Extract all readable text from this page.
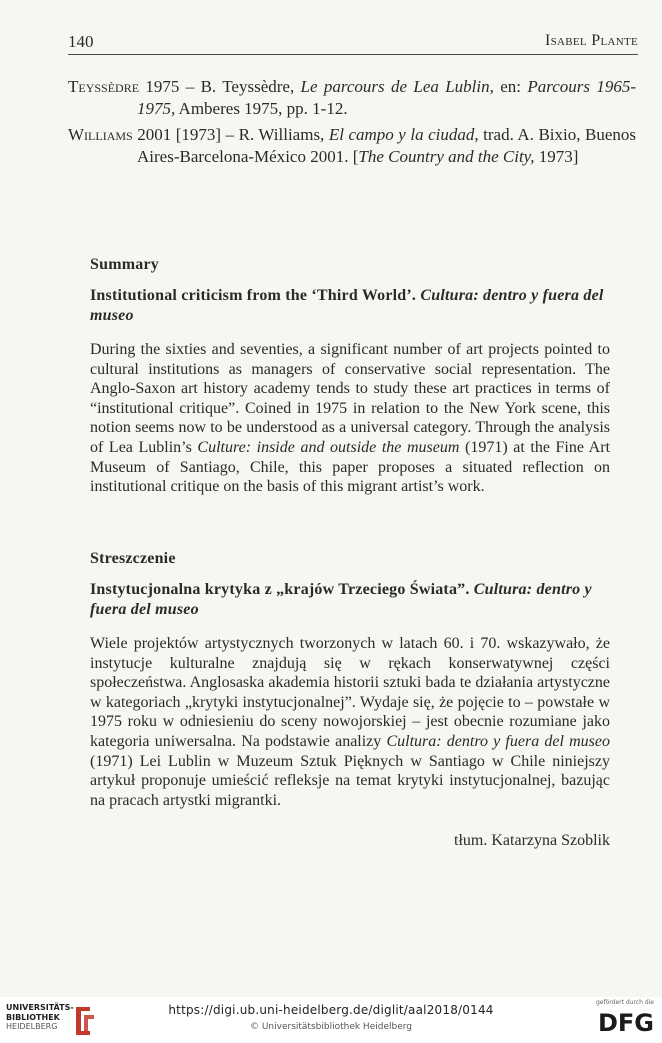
140	Isabel Plante

Teyssèdre 1975 – B. Teyssèdre, Le parcours de Lea Lublin, en: Parcours 1965-1975, Amberes 1975, pp. 1-12.

Williams 2001 [1973] – R. Williams, El campo y la ciudad, trad. A. Bixio, Buenos Aires-Barcelona-México 2001. [The Country and the City, 1973]

Summary
Institutional criticism from the ‘Third World’. Cultura: dentro y fuera del museo

During the sixties and seventies, a significant number of art projects pointed to cultural institutions as managers of conservative social representation. The Anglo-Saxon art history academy tends to study these art practices in terms of “institutional critique”. Coined in 1975 in relation to the New York scene, this notion seems now to be understood as a universal category. Through the analysis of Lea Lublin’s Culture: inside and outside the museum (1971) at the Fine Art Museum of Santiago, Chile, this paper proposes a situated reflection on institutional critique on the basis of this migrant artist’s work.

Streszczenie
Instytucjonalna krytyka z „krajów Trzeciego Świata”. Cultura: dentro y fuera del museo

Wiele projektów artystycznych tworzonych w latach 60. i 70. wskazywało, że instytucje kulturalne znajdują się w rękach konserwatywnej części społeczeństwa. Anglosaska akademia historii sztuki bada te działania artystyczne w kategoriach „krytyki instytucjonalnej”. Wydaje się, że pojęcie to – powstałe w 1975 roku w odniesieniu do sceny nowojorskiej – jest obecnie rozumiane jako kategoria uniwersalna. Na podstawie analizy Cultura: dentro y fuera del museo (1971) Lei Lublin w Muzeum Sztuk Pięknych w Santiago w Chile niniejszy artykuł proponuje umieścić refleksje na temat krytyki instytucjonalnej, bazując na pracach artystki migrantki.

tłum. Katarzyna Szoblik
UNIVERSITÄTS-
BIBLIOTHEK
HEIDELBERG
https://digi.ub.uni-heidelberg.de/diglit/aal2018/0144
© Universitätsbibliothek Heidelberg
gefördert durch die
DFG
